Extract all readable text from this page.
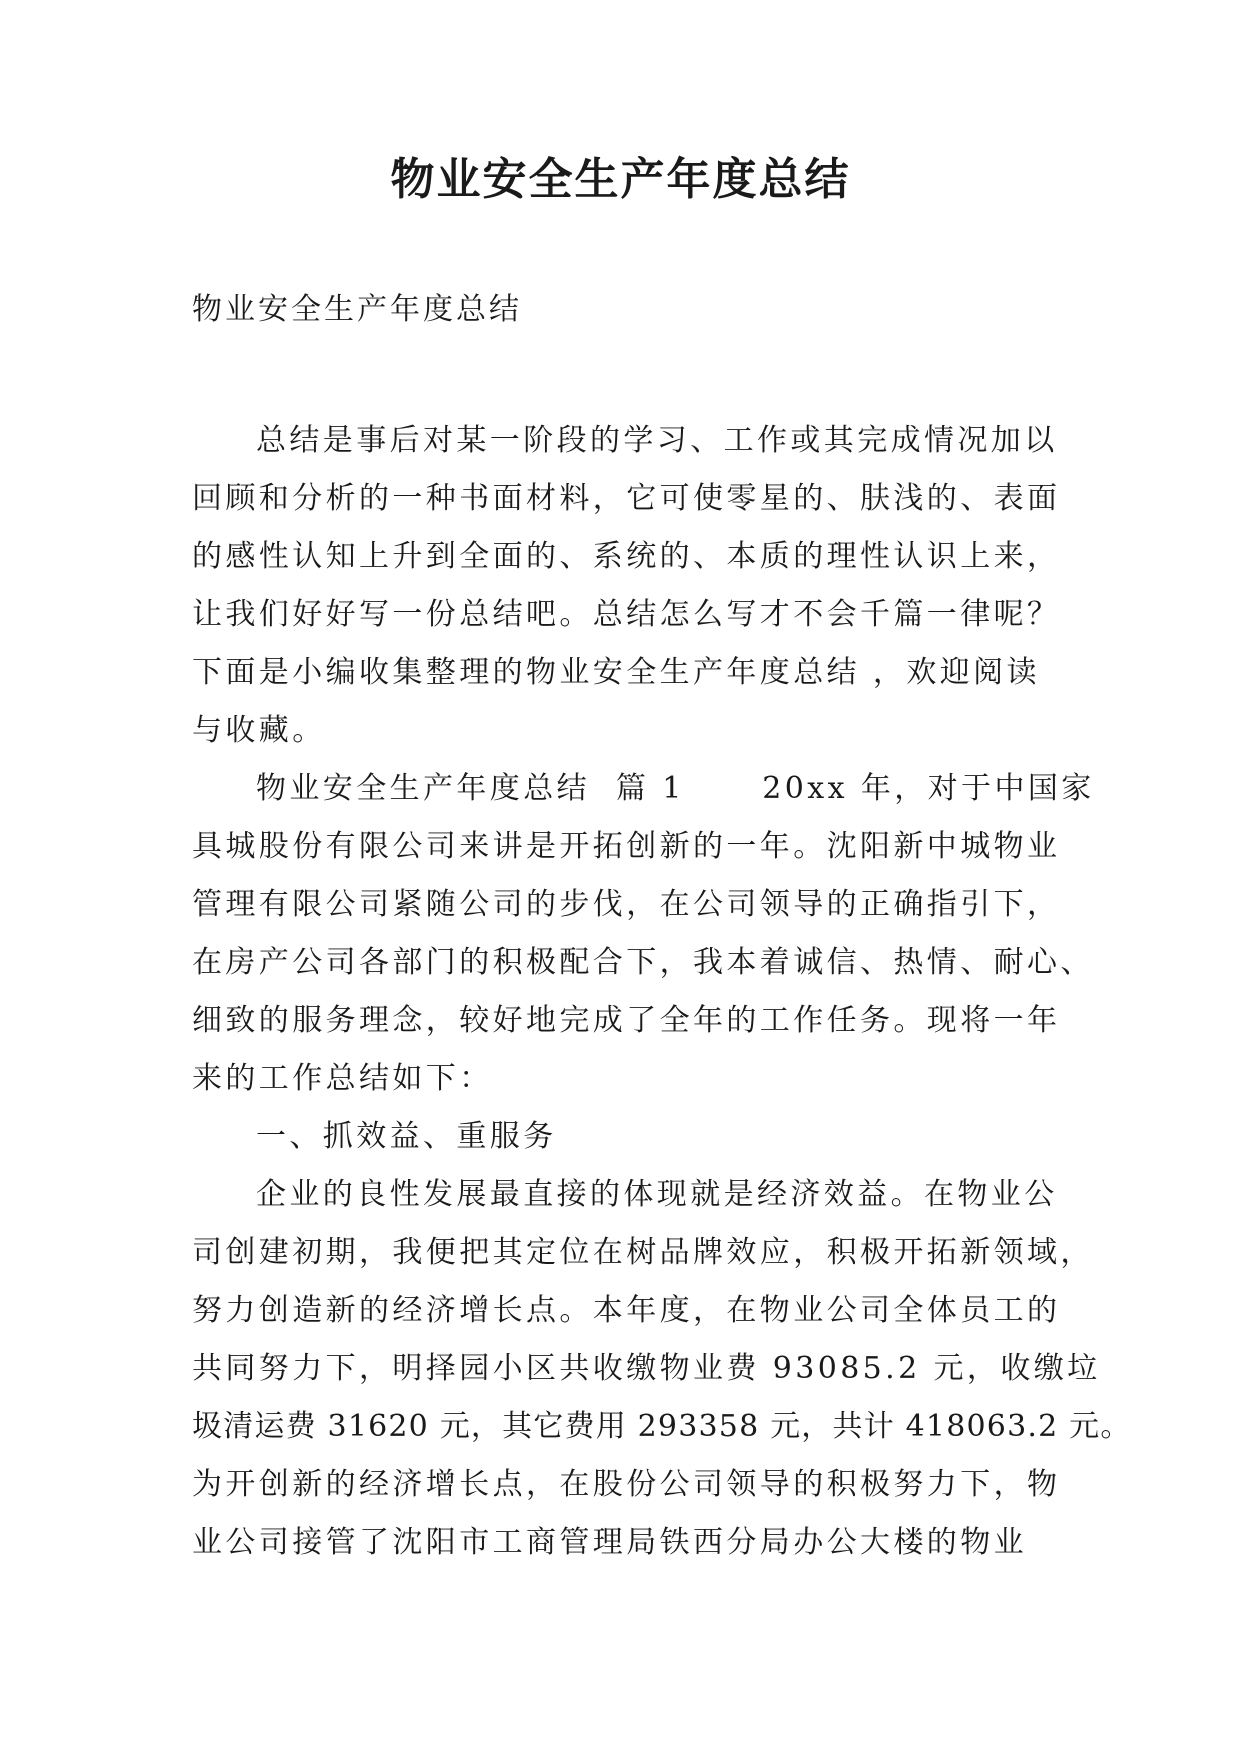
物业安全生产年度总结

物业安全生产年度总结

总结是事后对某一阶段的学习、工作或其完成情况加以
回顾和分析的一种书面材料，它可使零星的、肤浅的、表面
的感性认知上升到全面的、系统的、本质的理性认识上来，
让我们好好写一份总结吧。总结怎么写才不会千篇一律呢？
下面是小编收集整理的物业安全生产年度总结 ，欢迎阅读
与收藏。
物业安全生产年度总结  篇 1      20xx 年，对于中国家
具城股份有限公司来讲是开拓创新的一年。沈阳新中城物业
管理有限公司紧随公司的步伐，在公司领导的正确指引下，
在房产公司各部门的积极配合下，我本着诚信、热情、耐心、
细致的服务理念，较好地完成了全年的工作任务。现将一年
来的工作总结如下：
一、抓效益、重服务
企业的良性发展最直接的体现就是经济效益。在物业公
司创建初期，我便把其定位在树品牌效应，积极开拓新领域，
努力创造新的经济增长点。本年度，在物业公司全体员工的
共同努力下，明择园小区共收缴物业费 93085.2 元，收缴垃
圾清运费 31620 元，其它费用 293358 元，共计 418063.2 元。
为开创新的经济增长点，在股份公司领导的积极努力下，物
业公司接管了沈阳市工商管理局铁西分局办公大楼的物业
